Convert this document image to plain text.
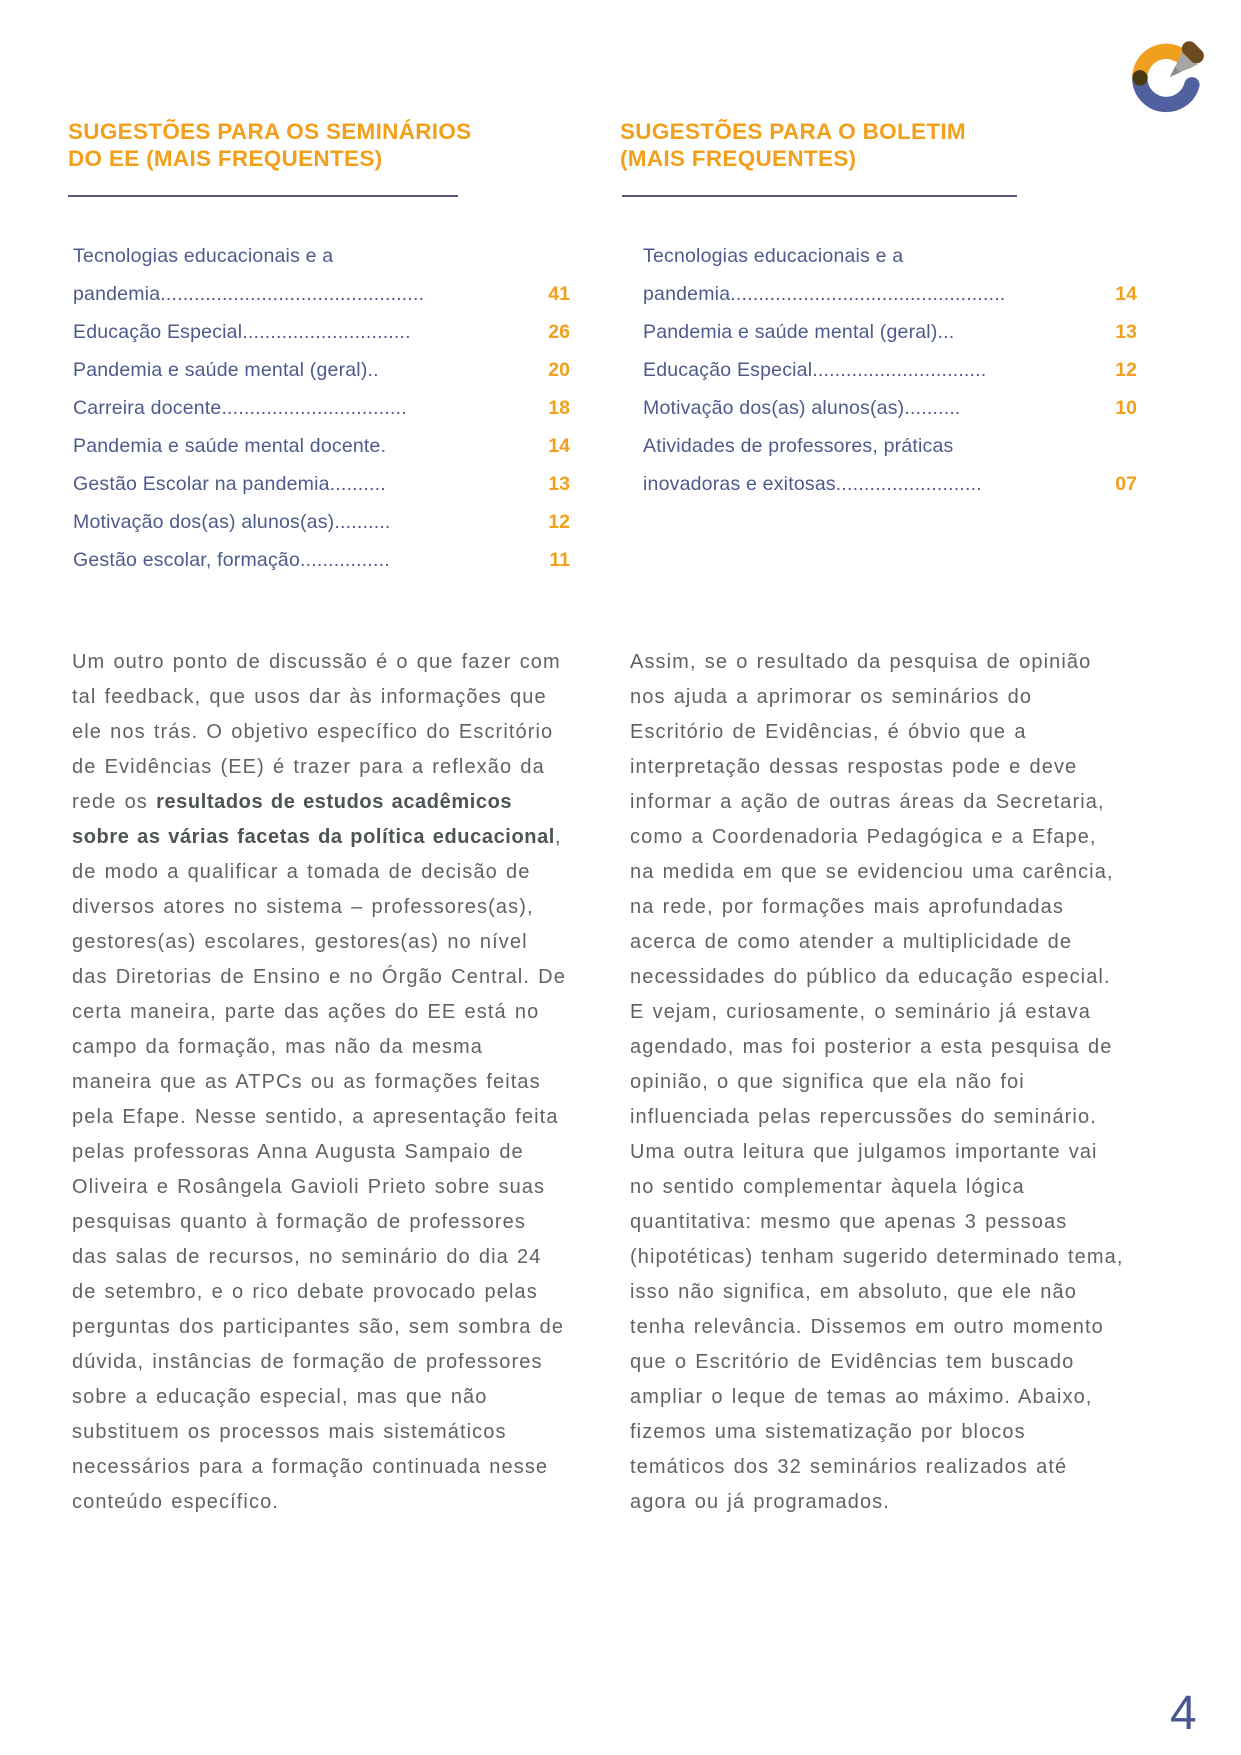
SUGESTÕES PARA OS SEMINÁRIOS
DO EE (MAIS FREQUENTES)
SUGESTÕES PARA O BOLETIM
(MAIS FREQUENTES)
Tecnologias educacionais e a
pandemia...............................................	41
Educação Especial..............................	26
Pandemia e saúde mental (geral)..	20
Carreira docente.................................	18
Pandemia e saúde mental docente.	14
Gestão Escolar na pandemia..........	13
Motivação dos(as) alunos(as)..........	12
Gestão escolar, formação................	11
Tecnologias educacionais e a
pandemia.................................................	14
Pandemia e saúde mental (geral)...	13
Educação Especial...............................	12
Motivação dos(as) alunos(as)..........	10
Atividades de professores, práticas
inovadoras e exitosas..........................	07

Um outro ponto de discussão é o que fazer com tal feedback, que usos dar às informações que ele nos trás. O objetivo específico do Escritório de Evidências (EE) é trazer para a reflexão da rede os resultados de estudos acadêmicos sobre as várias facetas da política educacional, de modo a qualificar a tomada de decisão de diversos atores no sistema – professores(as), gestores(as) escolares, gestores(as) no nível das Diretorias de Ensino e no Órgão Central. De certa maneira, parte das ações do EE está no campo da formação, mas não da mesma maneira que as ATPCs ou as formações feitas pela Efape. Nesse sentido, a apresentação feita pelas professoras Anna Augusta Sampaio de Oliveira e Rosângela Gavioli Prieto sobre suas pesquisas quanto à formação de professores das salas de recursos, no seminário do dia 24 de setembro, e o rico debate provocado pelas perguntas dos participantes são, sem sombra de dúvida, instâncias de formação de professores sobre a educação especial, mas que não substituem os processos mais sistemáticos necessários para a formação continuada nesse conteúdo específico.

Assim, se o resultado da pesquisa de opinião nos ajuda a aprimorar os seminários do Escritório de Evidências, é óbvio que a interpretação dessas respostas pode e deve informar a ação de outras áreas da Secretaria, como a Coordenadoria Pedagógica e a Efape, na medida em que se evidenciou uma carência, na rede, por formações mais aprofundadas acerca de como atender a multiplicidade de necessidades do público da educação especial. E vejam, curiosamente, o seminário já estava agendado, mas foi posterior a esta pesquisa de opinião, o que significa que ela não foi influenciada pelas repercussões do seminário.

Uma outra leitura que julgamos importante vai no sentido complementar àquela lógica quantitativa: mesmo que apenas 3 pessoas (hipotéticas) tenham sugerido determinado tema, isso não significa, em absoluto, que ele não tenha relevância. Dissemos em outro momento que o Escritório de Evidências tem buscado ampliar o leque de temas ao máximo. Abaixo, fizemos uma sistematização por blocos temáticos dos 32 seminários realizados até agora ou já programados.

4
